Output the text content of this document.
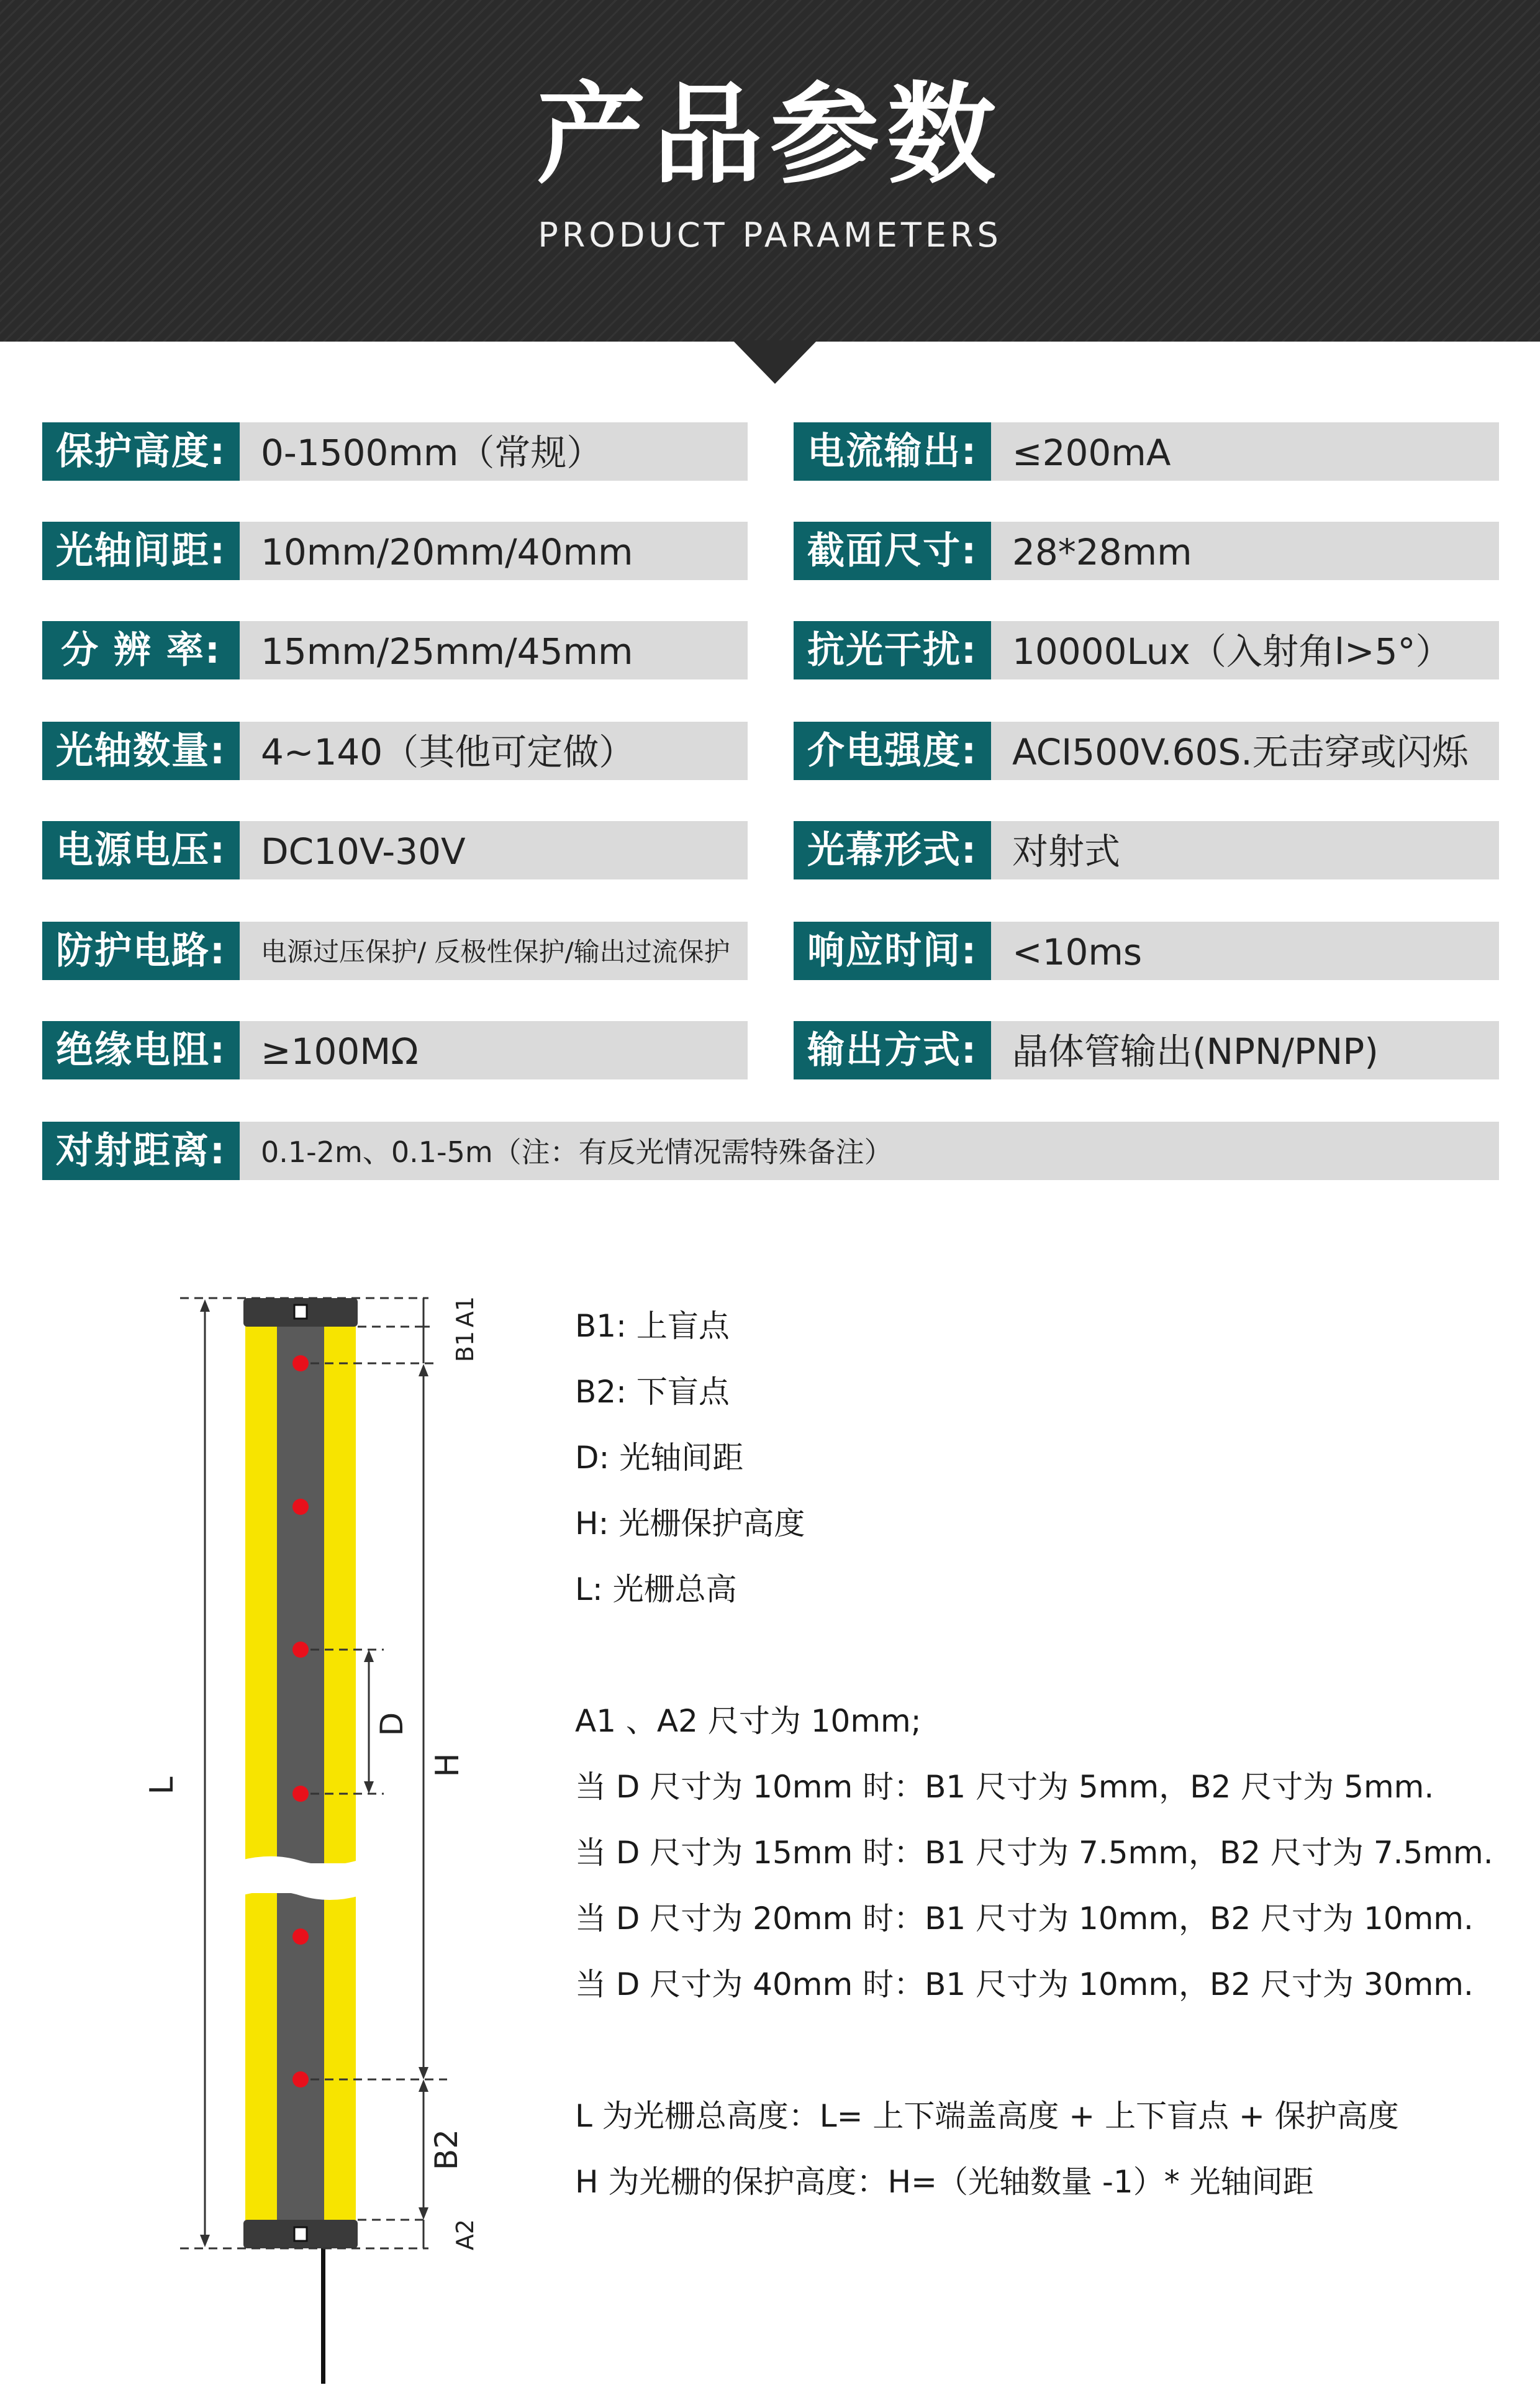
产品参数
PRODUCT PARAMETERS
保护高度: 0-1500mm（常规）	电流输出: ≤200mA
光轴间距: 10mm/20mm/40mm	截面尺寸: 28*28mm
分 辨 率:	15mm/25mm/45mm	抗光干扰: 10000Lux（入射角l>5°）
光轴数量: 4~140（其他可定做）	介电强度: ACI500V.60S.无击穿或闪烁
电源电压: DC10V-30V	光幕形式: 对射式
防护电路:	电源过压保护/ 反极性保护/输出过流保护	响应时间: <10ms
绝缘电阻: ≥100MΩ	输出方式: 晶体管输出(NPN/PNP)
对射距离:	0.1-2m、0.1-5m（注：有反光情况需特殊备注）
L
H
D
B2
B1
A1
A2
B1: 上盲点
B2: 下盲点
D: 光轴间距
H: 光栅保护高度
L: 光栅总高
A1 、A2 尺寸为 10mm;
当 D 尺寸为 10mm 时：B1 尺寸为 5mm，B2 尺寸为 5mm.
当 D 尺寸为 15mm 时：B1 尺寸为 7.5mm，B2 尺寸为 7.5mm.
当 D 尺寸为 20mm 时：B1 尺寸为 10mm，B2 尺寸为 10mm.
当 D 尺寸为 40mm 时：B1 尺寸为 10mm，B2 尺寸为 30mm.
L 为光栅总高度：L= 上下端盖高度 + 上下盲点 + 保护高度
H 为光栅的保护高度：H=（光轴数量 -1）* 光轴间距
